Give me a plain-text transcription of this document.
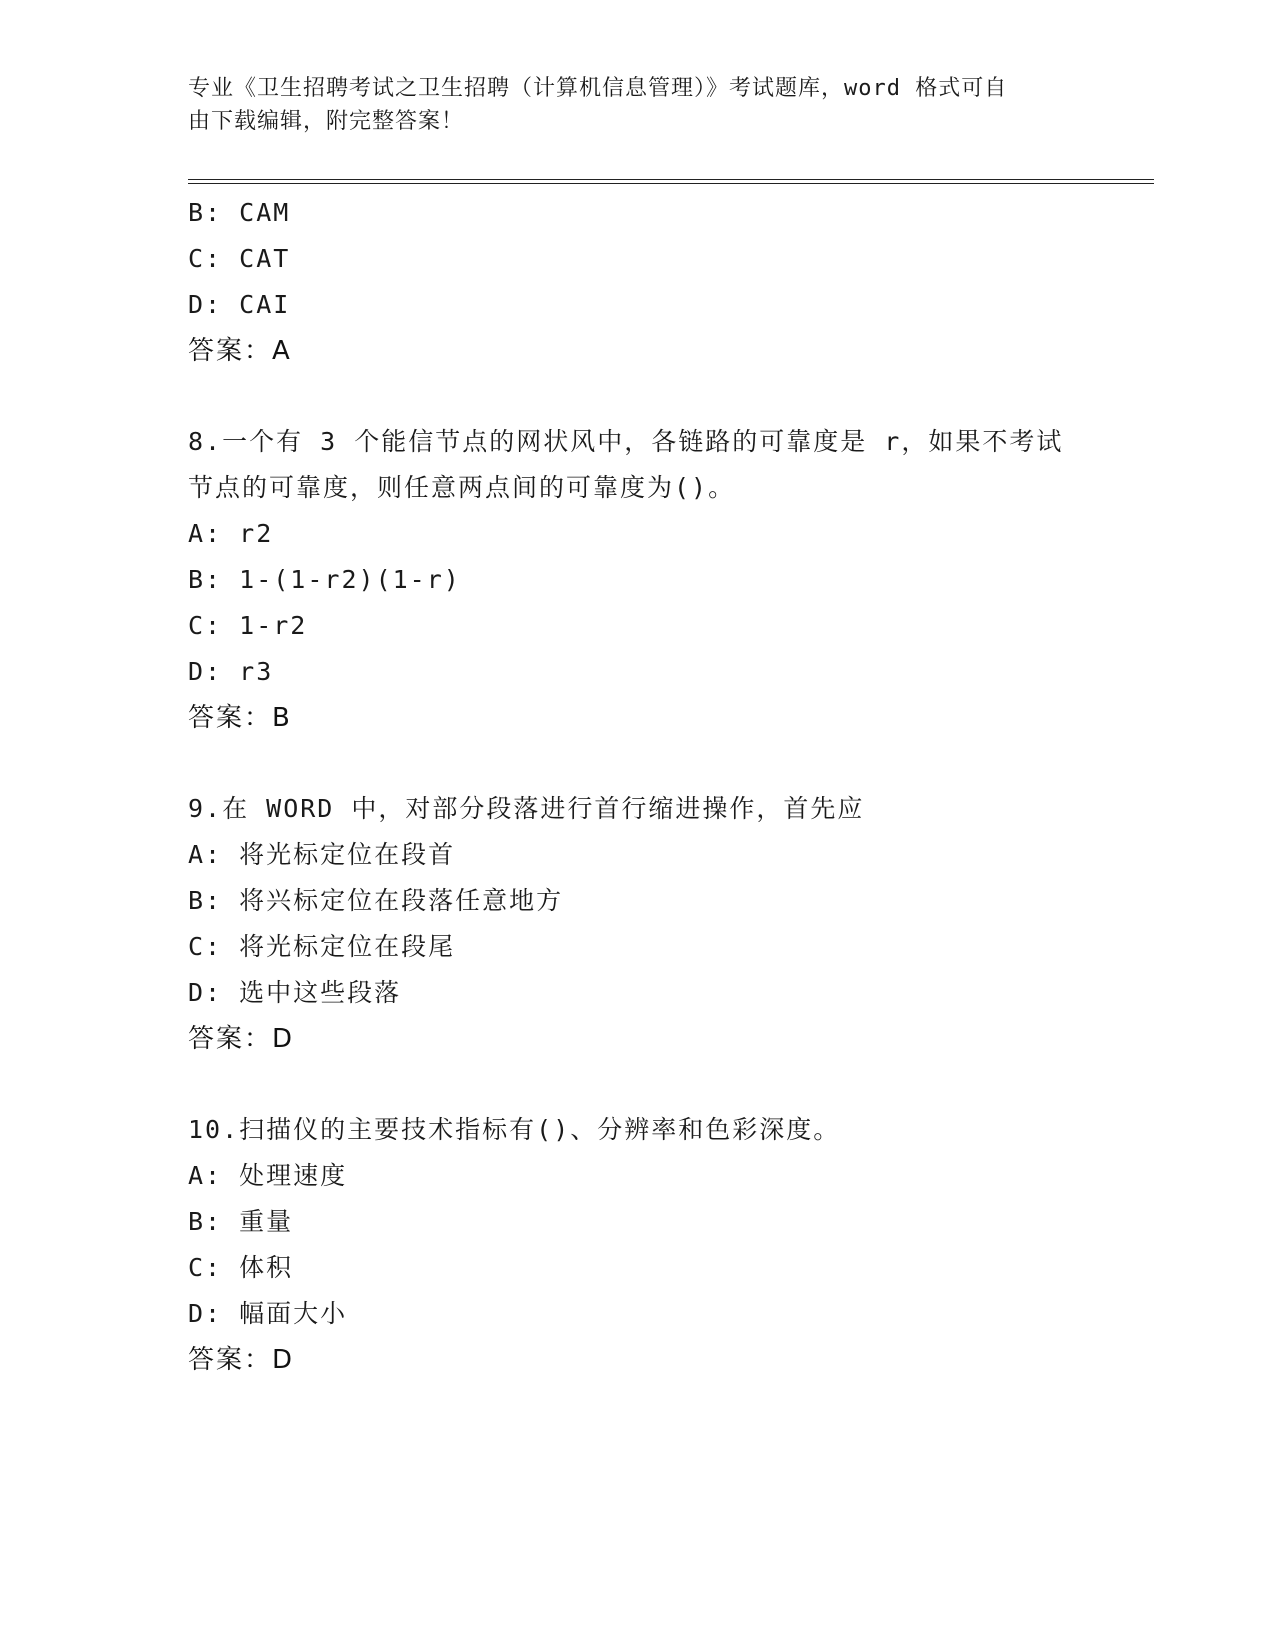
专业《卫生招聘考试之卫生招聘（计算机信息管理）》考试题库，word 格式可自
由下载编辑，附完整答案！
B: CAM
C: CAT
D: CAI
答案：A
8.一个有 3 个能信节点的网状风中，各链路的可靠度是 r，如果不考试
节点的可靠度，则任意两点间的可靠度为()。
A: r2
B: 1-(1-r2)(1-r)
C: 1-r2
D: r3
答案：B
9.在 WORD 中，对部分段落进行首行缩进操作，首先应
A: 将光标定位在段首
B: 将兴标定位在段落任意地方
C: 将光标定位在段尾
D: 选中这些段落
答案：D
10.扫描仪的主要技术指标有()、分辨率和色彩深度。
A: 处理速度
B: 重量
C: 体积
D: 幅面大小
答案：D
